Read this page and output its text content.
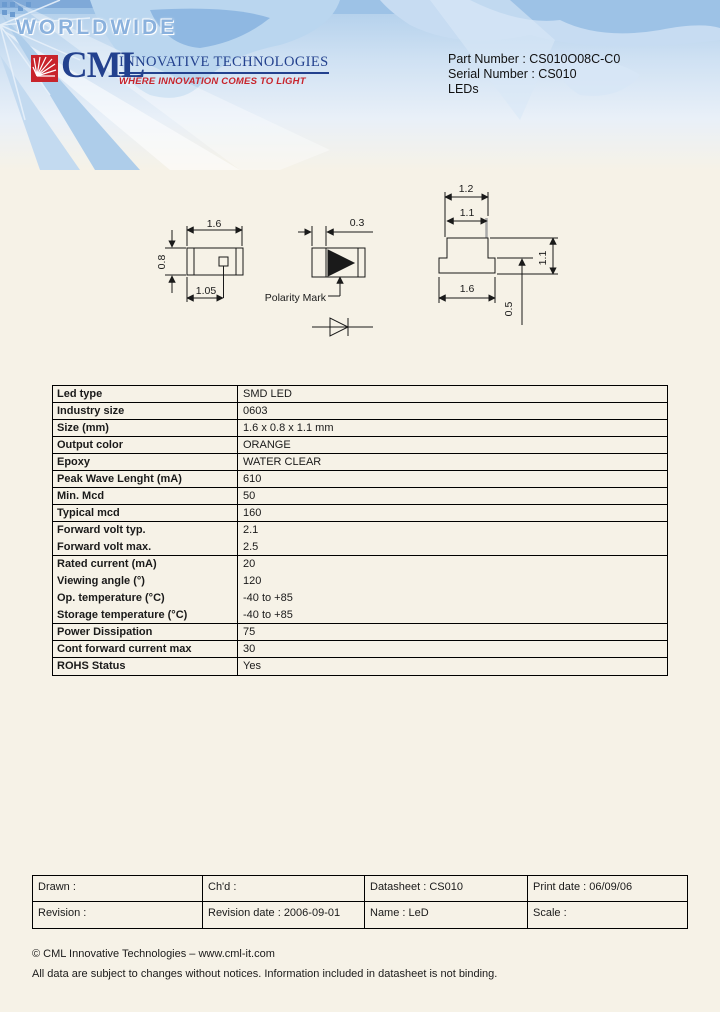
WORLDWIDE
CML
INNOVATIVE TECHNOLOGIES
WHERE INNOVATION COMES TO LIGHT
Part Number : CS010O08C-C0
Serial Number : CS010
LEDs
1.6
0.8
1.05
0.3
Polarity Mark
1.2
1.1
1.6
1.1
0.5
Led type	SMD LED
Industry size	0603
Size (mm)	1.6 x 0.8 x 1.1 mm
Output color	ORANGE
Epoxy	WATER CLEAR
Peak Wave Lenght (mA)	610
Min. Mcd	50
Typical mcd	160
Forward volt typ.	2.1
Forward volt max.	2.5
Rated current (mA)	20
Viewing angle (°)	120
Op. temperature (°C)	-40 to +85
Storage temperature (°C)	-40 to +85
Power Dissipation	75
Cont forward current max	30
ROHS Status	Yes
Drawn :	Ch'd :	Datasheet : CS010	Print date : 06/09/06
Revision :	Revision date : 2006-09-01	Name : LeD	Scale :
© CML Innovative Technologies – www.cml-it.com
All data are subject to changes without notices. Information included in datasheet is not binding.
